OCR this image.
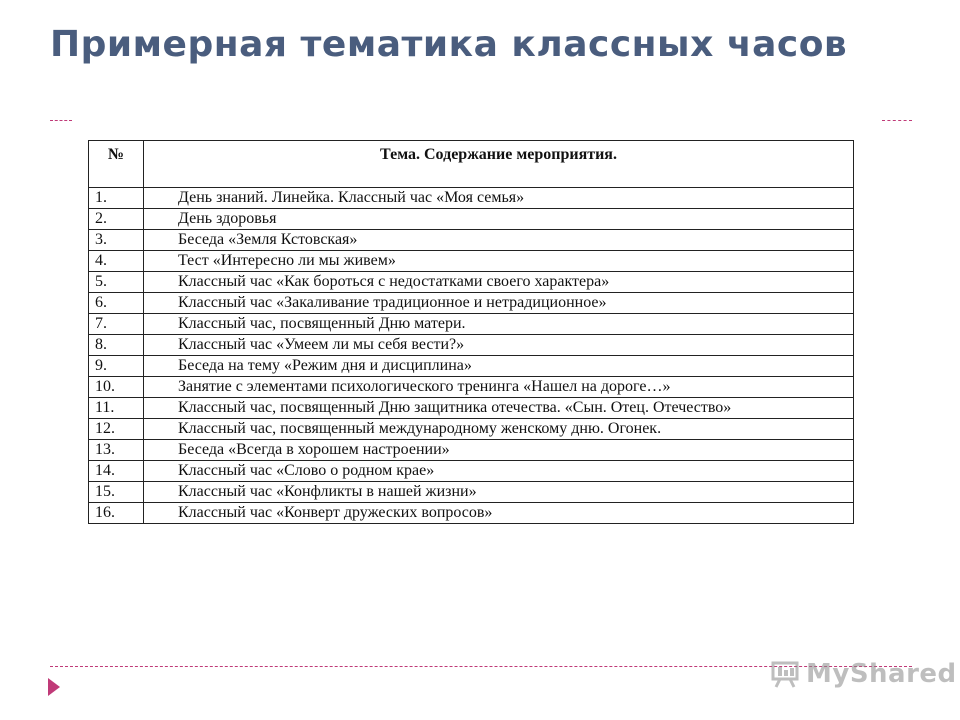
Примерная тематика классных часов
№	Тема. Содержание мероприятия.
1.	День знаний. Линейка. Классный час «Моя семья»
2.	День здоровья
3.	Беседа «Земля Кстовская»
4.	Тест «Интересно ли мы живем»
5.	Классный час «Как бороться с недостатками своего характера»
6.	Классный час «Закаливание традиционное и нетрадиционное»
7.	Классный час, посвященный Дню матери.
8.	Классный час «Умеем ли мы себя вести?»
9.	Беседа на тему «Режим дня и дисциплина»
10.	Занятие с элементами психологического тренинга «Нашел на дороге…»
11.	Классный час, посвященный Дню защитника отечества. «Сын. Отец. Отечество»
12.	Классный час, посвященный международному женскому дню. Огонек.
13.	Беседа «Всегда в хорошем настроении»
14.	Классный час «Слово о родном крае»
15.	Классный час «Конфликты в нашей жизни»
16.	Классный час «Конверт дружеских вопросов»
MyShared
